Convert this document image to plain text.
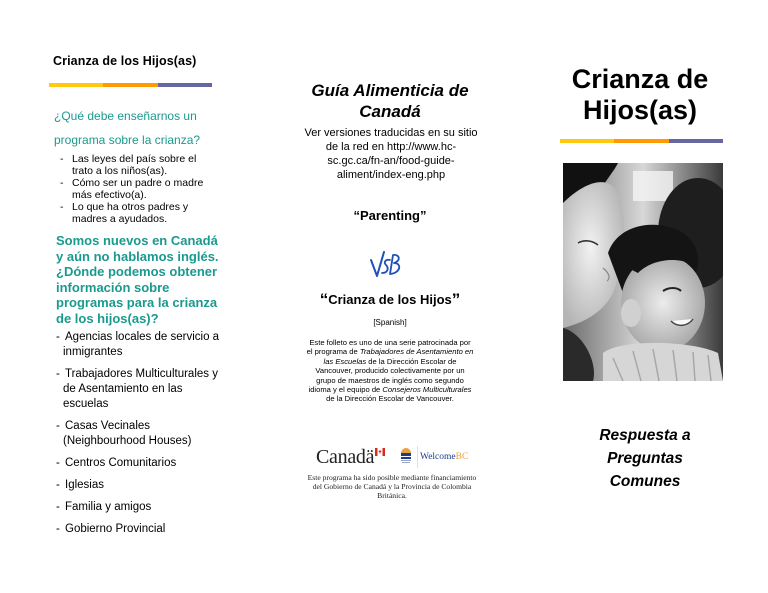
Crianza de los Hijos(as)
¿Qué debe enseñarnos un programa sobre la crianza?
- Las leyes del país sobre el trato a los niños(as).
- Cómo ser un padre o madre más efectivo(a).
- Lo que ha otros padres y madres a ayudados.
Somos nuevos en Canadá y aún no hablamos inglés. ¿Dónde podemos obtener información sobre programas para la crianza de los hijos(as)?
- Agencias locales de servicio a inmigrantes
- Trabajadores Multiculturales y de Asentamiento en las escuelas
- Casas Vecinales (Neighbourhood Houses)
- Centros Comunitarios
- Iglesias
- Familia y amigos
- Gobierno Provincial
Guía Alimenticia de Canadá
Ver versiones traducidas en su sitio de la red en http://www.hc-sc.gc.ca/fn-an/food-guide-aliment/index-eng.php
“Parenting”
“Crianza de los Hijos”
[Spanish]
Este folleto es uno de una serie patrocinada por el programa de Trabajadores de Asentamiento en las Escuelas de la Dirección Escolar de Vancouver, producido colectivamente por un grupo de maestros de inglés como segundo idioma y el equipo de Consejeros Multiculturales de la Dirección Escolar de Vancouver.
Canadä	WelcomeBC
Este programa ha sido posible mediante financiamiento del Gobierno de Canadá y la Provincia de Colombia Británica.
Crianza de Hijos(as)
Respuesta a Preguntas Comunes
